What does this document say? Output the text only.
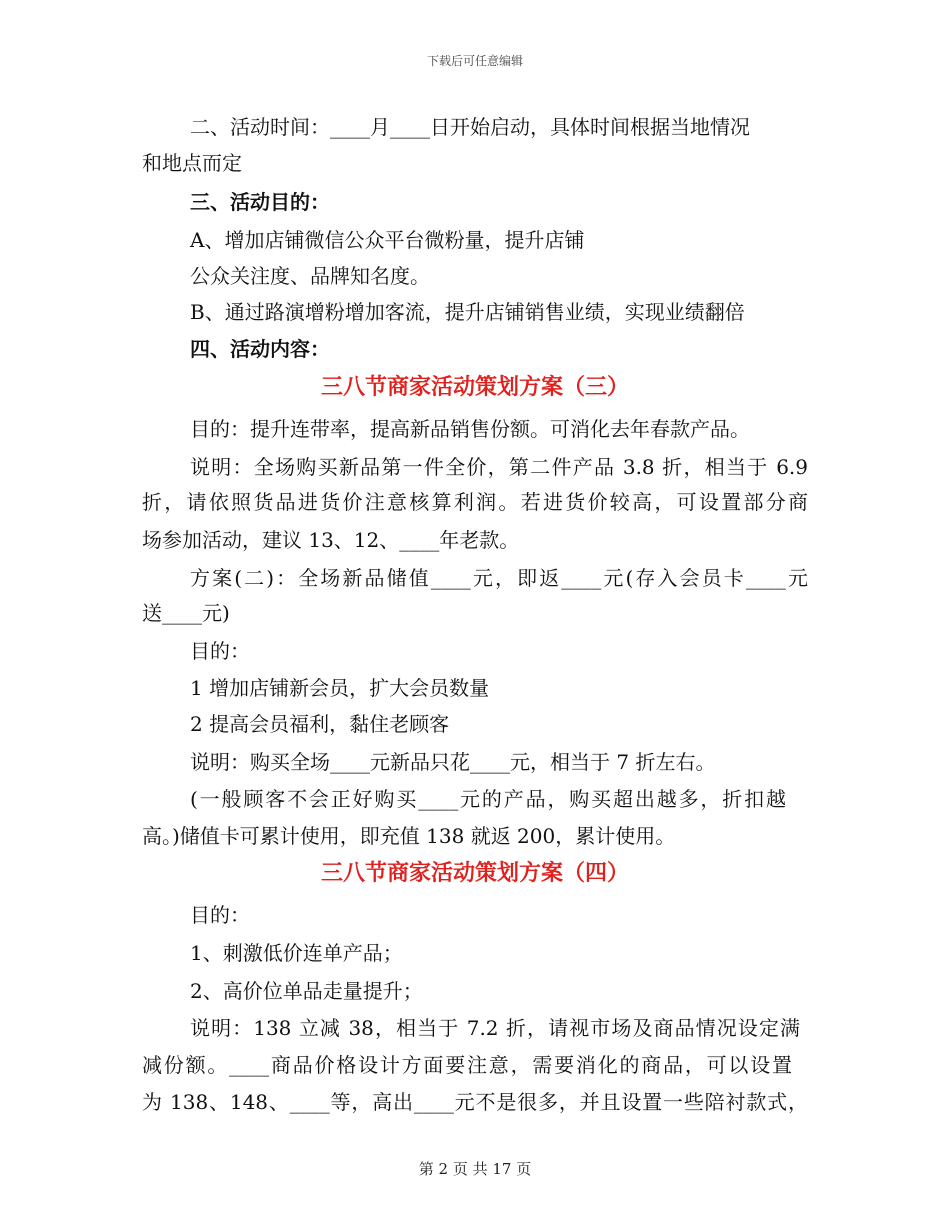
下载后可任意编辑
二、活动时间：____月____日开始启动，具体时间根据当地情况
和地点而定
三、活动目的：
A、增加店铺微信公众平台微粉量，提升店铺
公众关注度、品牌知名度。
B、通过路演增粉增加客流，提升店铺销售业绩，实现业绩翻倍
四、活动内容：
三八节商家活动策划方案（三）
目的：提升连带率，提高新品销售份额。可消化去年春款产品。
说明：全场购买新品第一件全价，第二件产品 3.8 折，相当于 6.9
折，请依照货品进货价注意核算利润。若进货价较高，可设置部分商
场参加活动，建议 13、12、____年老款。
方案(二)：全场新品储值____元，即返____元(存入会员卡____元
送____元)
目的：
1 增加店铺新会员，扩大会员数量
2 提高会员福利，黏住老顾客
说明：购买全场____元新品只花____元，相当于 7 折左右。
(一般顾客不会正好购买____元的产品，购买超出越多，折扣越
高。)储值卡可累计使用，即充值 138 就返 200，累计使用。
三八节商家活动策划方案（四）
目的：
1、刺激低价连单产品；
2、高价位单品走量提升；
说明：138 立减 38，相当于 7.2 折，请视市场及商品情况设定满
减份额。____商品价格设计方面要注意，需要消化的商品，可以设置
为 138、148、____等，高出____元不是很多，并且设置一些陪衬款式，
第 2 页 共 17 页
